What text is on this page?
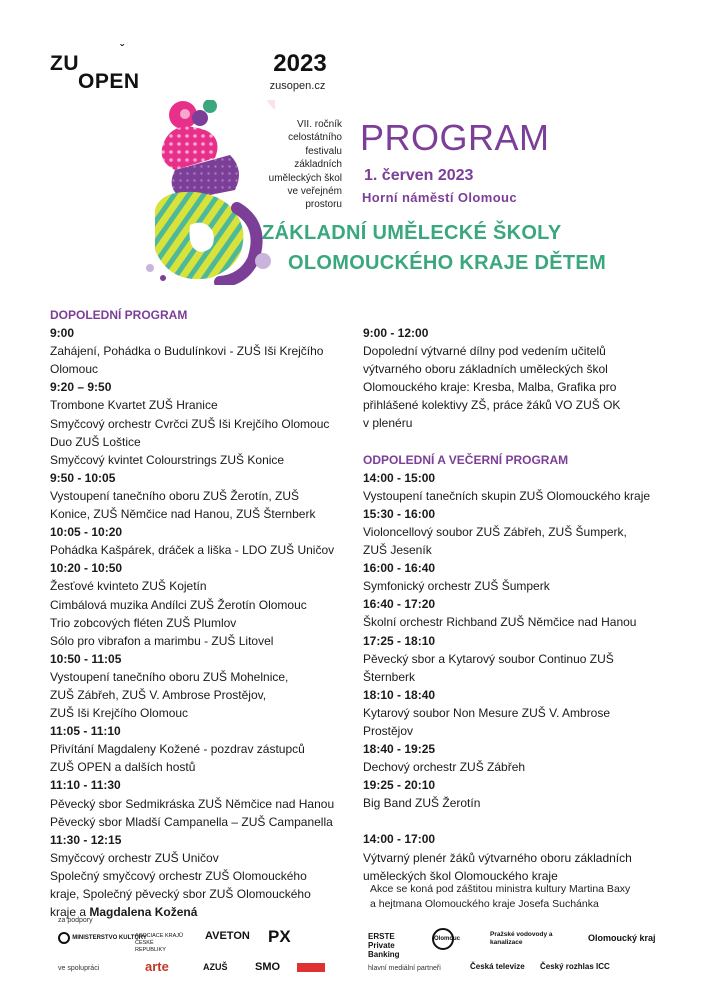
ZU
ˇ
OPEN
2023
zusopen.cz
VII. ročník
celostátního
festivalu
základních
uměleckých škol
ve veřejném
prostoru
PROGRAM
1. červen 2023
Horní náměstí Olomouc
ZÁKLADNÍ UMĚLECKÉ ŠKOLY
OLOMOUCKÉHO KRAJE DĚTEM
DOPOLEDNÍ PROGRAM
9:00
Zahájení, Pohádka o Budulínkovi - ZUŠ Iši Krejčího
Olomouc
9:20 – 9:50
Trombone Kvartet ZUŠ Hranice
Smyčcový orchestr Cvrčci ZUŠ Iši Krejčího Olomouc
Duo ZUŠ Loštice
Smyčcový kvintet Colourstrings ZUŠ Konice
9:50 - 10:05
Vystoupení tanečního oboru ZUŠ Žerotín, ZUŠ
Konice, ZUŠ Němčice nad Hanou, ZUŠ Šternberk
10:05 - 10:20
Pohádka Kašpárek, dráček a liška - LDO ZUŠ Uničov
10:20 - 10:50
Žesťové kvinteto ZUŠ Kojetín
Cimbálová muzika Andílci ZUŠ Žerotín Olomouc
Trio zobcových fléten ZUŠ Plumlov
Sólo pro vibrafon a marimbu - ZUŠ Litovel
10:50 - 11:05
Vystoupení tanečního oboru ZUŠ Mohelnice,
ZUŠ Zábřeh, ZUŠ V. Ambrose Prostějov,
ZUŠ Iši Krejčího Olomouc
11:05 - 11:10
Přivítání Magdaleny Kožené - pozdrav zástupců
ZUŠ OPEN a dalších hostů
11:10 - 11:30
Pěvecký sbor Sedmikráska ZUŠ Němčice nad Hanou
Pěvecký sbor Mladší Campanella – ZUŠ Campanella
11:30 - 12:15
Smyčcový orchestr ZUŠ Uničov
Společný smyčcový orchestr ZUŠ Olomouckého
kraje, Společný pěvecký sbor ZUŠ Olomouckého
kraje a Magdalena Kožená
9:00 - 12:00
Dopolední výtvarné dílny pod vedením učitelů
výtvarného oboru základních uměleckých škol
Olomouckého kraje: Kresba, Malba, Grafika pro
přihlášené kolektivy ZŠ, práce žáků VO ZUŠ OK
v plenéru
ODPOLEDNÍ A VEČERNÍ PROGRAM
14:00 - 15:00
Vystoupení tanečních skupin ZUŠ Olomouckého kraje
15:30 - 16:00
Violoncellový soubor ZUŠ Zábřeh, ZUŠ Šumperk,
ZUŠ Jeseník
16:00 - 16:40
Symfonický orchestr ZUŠ Šumperk
16:40 - 17:20
Školní orchestr Richband ZUŠ Němčice nad Hanou
17:25 - 18:10
Pěvecký sbor a Kytarový soubor Continuo ZUŠ
Šternberk
18:10 - 18:40
Kytarový soubor Non Mesure ZUŠ V. Ambrose
Prostějov
18:40 - 19:25
Dechový orchestr ZUŠ Zábřeh
19:25 - 20:10
Big Band ZUŠ Žerotín
14:00 - 17:00
Výtvarný plenér žáků výtvarného oboru základních
uměleckých škol Olomouckého kraje
Akce se koná pod záštitou ministra kultury Martina Baxy
a hejtmana Olomouckého kraje Josefa Suchánka
za podpory
MINISTERSTVO KULTURY
ASOCIACE KRAJŮ ČESKÉ REPUBLIKY
AVETON PX	ERSTE Private Banking
Olomouc
Pražské vodovody a kanalizace	Olomoucký kraj
ve spolupráci	arte	AZUŠ	SMO	hlavní mediální partneři	Česká televize Český rozhlas ICC
